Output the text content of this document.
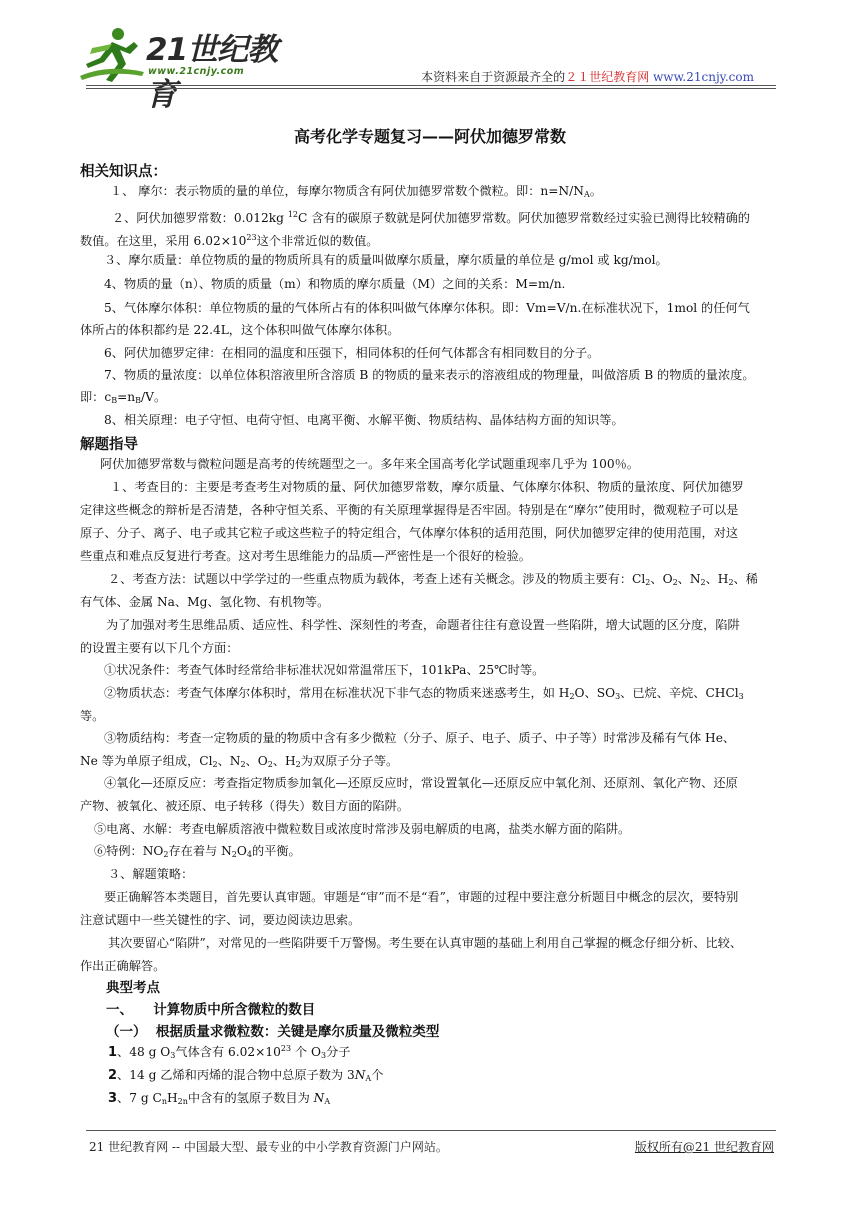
21世纪教育
www.21cnjy.com	本资料来自于资源最齐全的２１世纪教育网 www.21cnjy.com
高考化学专题复习——阿伏加德罗常数
相关知识点：
１、 摩尔：表示物质的量的单位，每摩尔物质含有阿伏加德罗常数个微粒。即：$n=N/N_A$。
２、阿伏加德罗常数：0.012kg $^{12}$C 含有的碳原子数就是阿伏加德罗常数。阿伏加德罗常数经过实验已测得比较精确的
数值。在这里，采用 $6.02\times 10^{23}$这个非常近似的数值。
３、摩尔质量：单位物质的量的物质所具有的质量叫做摩尔质量，摩尔质量的单位是 g/mol 或 kg/mol。
4、物质的量（n）、物质的质量（m）和物质的摩尔质量（M）之间的关系：M=m/n.
5、气体摩尔体积：单位物质的量的气体所占有的体积叫做气体摩尔体积。即：Vm=V/n.在标准状况下，1mol 的任何气
体所占的体积都约是 22.4L，这个体积叫做气体摩尔体积。
6、阿伏加德罗定律：在相同的温度和压强下，相同体积的任何气体都含有相同数目的分子。
7、物质的量浓度：以单位体积溶液里所含溶质 B 的物质的量来表示的溶液组成的物理量，叫做溶质 B 的物质的量浓度。
即：$c_B=n_B/V$。
8、相关原理：电子守恒、电荷守恒、电离平衡、水解平衡、物质结构、晶体结构方面的知识等。
解题指导
阿伏加德罗常数与微粒问题是高考的传统题型之一。多年来全国高考化学试题重现率几乎为 100％。
１、考查目的：主要是考查考生对物质的量、阿伏加德罗常数，摩尔质量、气体摩尔体积、物质的量浓度、阿伏加德罗
定律这些概念的辩析是否清楚，各种守恒关系、平衡的有关原理掌握得是否牢固。特别是在“摩尔”使用时，微观粒子可以是
原子、分子、离子、电子或其它粒子或这些粒子的特定组合，气体摩尔体积的适用范围，阿伏加德罗定律的使用范围，对这
些重点和难点反复进行考查。这对考生思维能力的品质—严密性是一个很好的检验。
２、考查方法：试题以中学学过的一些重点物质为载体，考查上述有关概念。涉及的物质主要有：$Cl_2$、$O_2$、$N_2$、$H_2$、稀
有气体、金属 Na、Mg、氢化物、有机物等。
为了加强对考生思维品质、适应性、科学性、深刻性的考查，命题者往往有意设置一些陷阱，增大试题的区分度，陷阱
的设置主要有以下几个方面：
①状况条件：考查气体时经常给非标准状况如常温常压下，101kPa、25℃时等。
②物质状态：考查气体摩尔体积时，常用在标准状况下非气态的物质来迷惑考生，如 $H_2O$、$SO_3$、已烷、辛烷、CHCl$_3$
等。
③物质结构：考查一定物质的量的物质中含有多少微粒（分子、原子、电子、质子、中子等）时常涉及稀有气体 He、
Ne 等为单原子组成，$Cl_2$、$N_2$、$O_2$、$H_2$为双原子分子等。
④氧化—还原反应：考查指定物质参加氧化—还原反应时，常设置氧化—还原反应中氧化剂、还原剂、氧化产物、还原
产物、被氧化、被还原、电子转移（得失）数目方面的陷阱。
⑤电离、水解：考查电解质溶液中微粒数目或浓度时常涉及弱电解质的电离，盐类水解方面的陷阱。
⑥特例：$NO_2$存在着与 $N_2O_4$的平衡。
３、解题策略：
要正确解答本类题目，首先要认真审题。审题是“审”而不是“看”，审题的过程中要注意分析题目中概念的层次，要特别
注意试题中一些关键性的字、词，要边阅读边思索。
其次要留心“陷阱”，对常见的一些陷阱要千万警惕。考生要在认真审题的基础上利用自己掌握的概念仔细分析、比较、
作出正确解答。
典型考点
一、　　计算物质中所含微粒的数目
（一）  根据质量求微粒数：关键是摩尔质量及微粒类型
1、48 g $O_3$气体含有 $6.02\times 10^{23}$ 个 $O_3$分子
2、14 g 乙烯和丙烯的混合物中总原子数为 $3N_A$个
3、7 g $C_nH_{2n}$中含有的氢原子数目为 $N_A$
21 世纪教育网 -- 中国最大型、最专业的中小学教育资源门户网站。	版权所有@21 世纪教育网
